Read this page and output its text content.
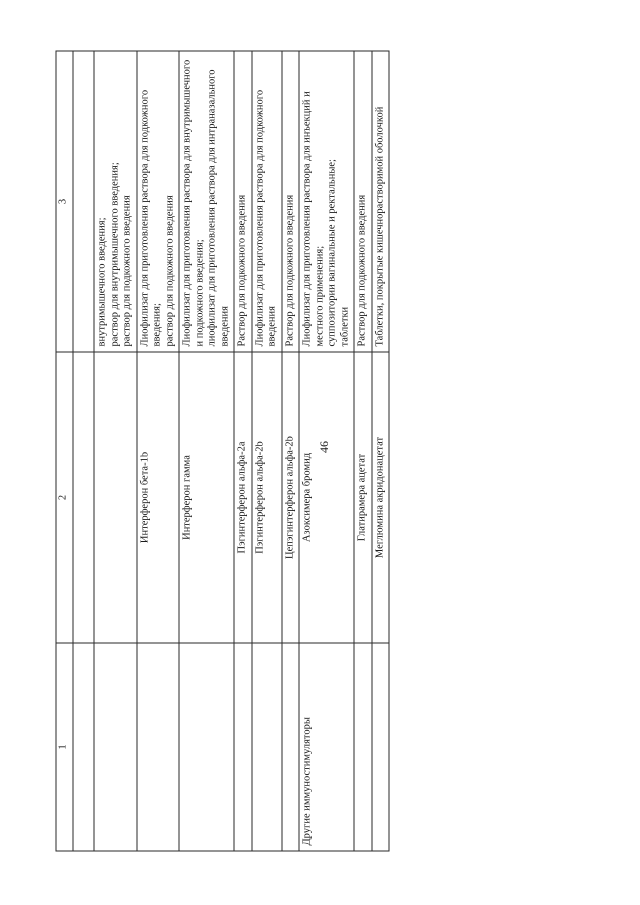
46
1	2	3

		внутримышечного введения;
раствор для внутримышечного введения;
раствор для подкожного введения
	Интерферон бета-1b	Лиофилизат для приготовления раствора для подкожного введения;
раствор для подкожного введения
	Интерферон гамма	Лиофилизат для приготовления раствора для внутримышечного и подкожного введения;
лиофилизат для приготовления раствора для интраназального введения
	Пэгинтерферон альфа-2a	Раствор для подкожного введения
	Пэгинтерферон альфа-2b	Лиофилизат для приготовления раствора для подкожного введения
	Цепэгинтерферон альфа-2b	Раствор для подкожного введения
Другие иммуностимуляторы	Азоксимера бромид	Лиофилизат для приготовления раствора для инъекций и местного применения;
суппозитории вагинальные и ректальные;
таблетки
	Глатирамера ацетат	Раствор для подкожного введения
	Меглюмина акридонацетат	Таблетки, покрытые кишечнорастворимой оболочкой
